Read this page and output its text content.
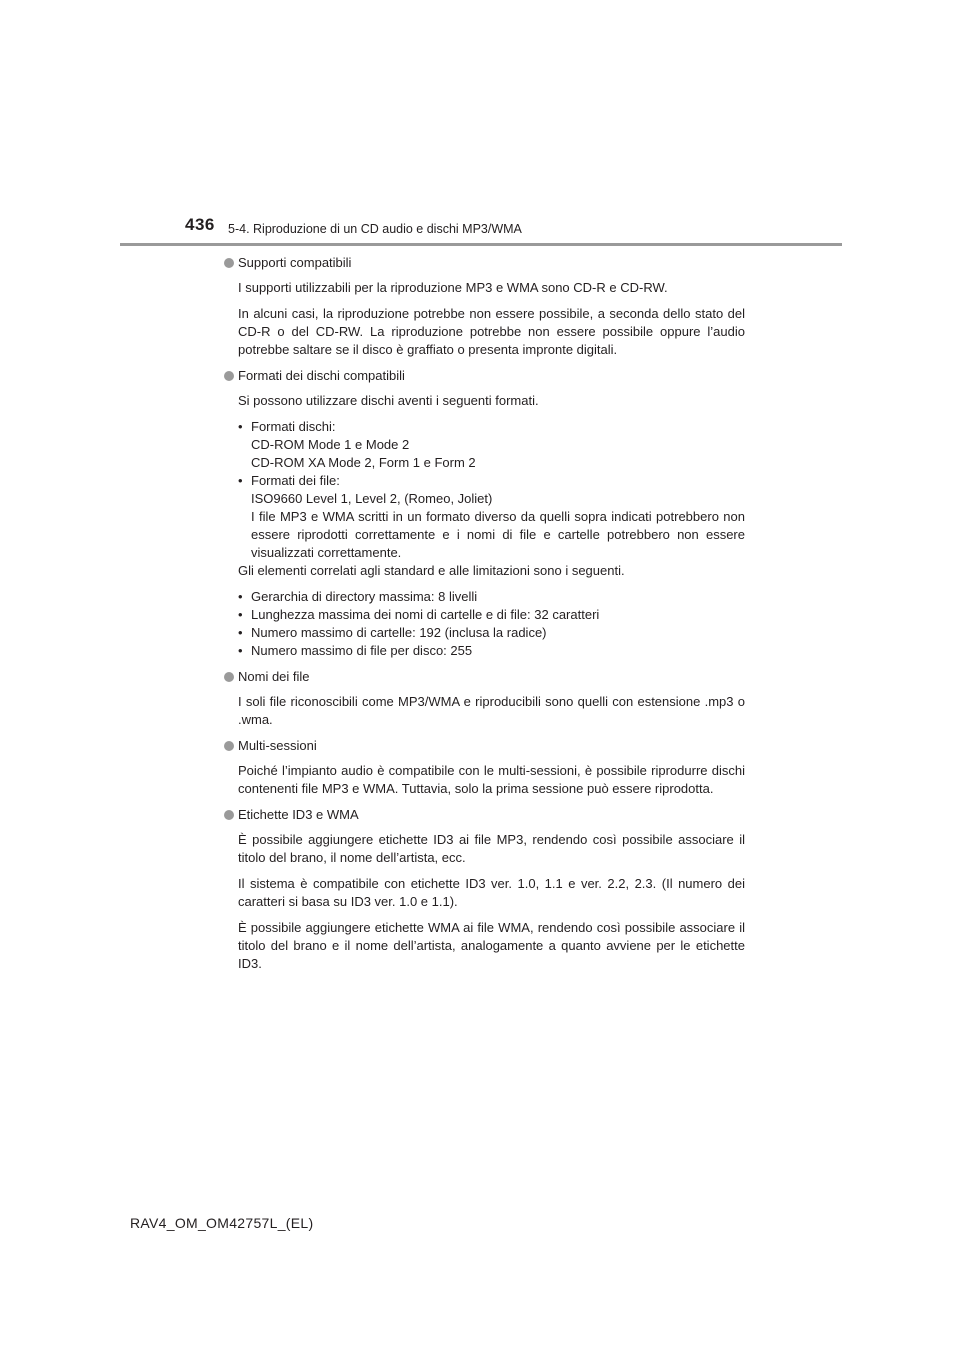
436 5-4. Riproduzione di un CD audio e dischi MP3/WMA
Supporti compatibili

I supporti utilizzabili per la riproduzione MP3 e WMA sono CD-R e CD-RW.

In alcuni casi, la riproduzione potrebbe non essere possibile, a seconda dello stato del CD-R o del CD-RW. La riproduzione potrebbe non essere possibile oppure l’audio potrebbe saltare se il disco è graffiato o presenta impronte digitali.

Formati dei dischi compatibili

Si possono utilizzare dischi aventi i seguenti formati.

• Formati dischi:
CD-ROM Mode 1 e Mode 2
CD-ROM XA Mode 2, Form 1 e Form 2
• Formati dei file:
ISO9660 Level 1, Level 2, (Romeo, Joliet)
I file MP3 e WMA scritti in un formato diverso da quelli sopra indicati potrebbero non essere riprodotti correttamente e i nomi di file e cartelle potrebbero non essere visualizzati correttamente.

Gli elementi correlati agli standard e alle limitazioni sono i seguenti.

• Gerarchia di directory massima: 8 livelli
• Lunghezza massima dei nomi di cartelle e di file: 32 caratteri
• Numero massimo di cartelle: 192 (inclusa la radice)
• Numero massimo di file per disco: 255
Nomi dei file

I soli file riconoscibili come MP3/WMA e riproducibili sono quelli con estensione .mp3 o .wma.

Multi-sessioni

Poiché l’impianto audio è compatibile con le multi-sessioni, è possibile riprodurre dischi contenenti file MP3 e WMA. Tuttavia, solo la prima sessione può essere riprodotta.

Etichette ID3 e WMA

È possibile aggiungere etichette ID3 ai file MP3, rendendo così possibile associare il titolo del brano, il nome dell’artista, ecc.

Il sistema è compatibile con etichette ID3 ver. 1.0, 1.1 e ver. 2.2, 2.3. (Il numero dei caratteri si basa su ID3 ver. 1.0 e 1.1).

È possibile aggiungere etichette WMA ai file WMA, rendendo così possibile associare il titolo del brano e il nome dell’artista, analogamente a quanto avviene per le etichette ID3.

RAV4_OM_OM42757L_(EL)
